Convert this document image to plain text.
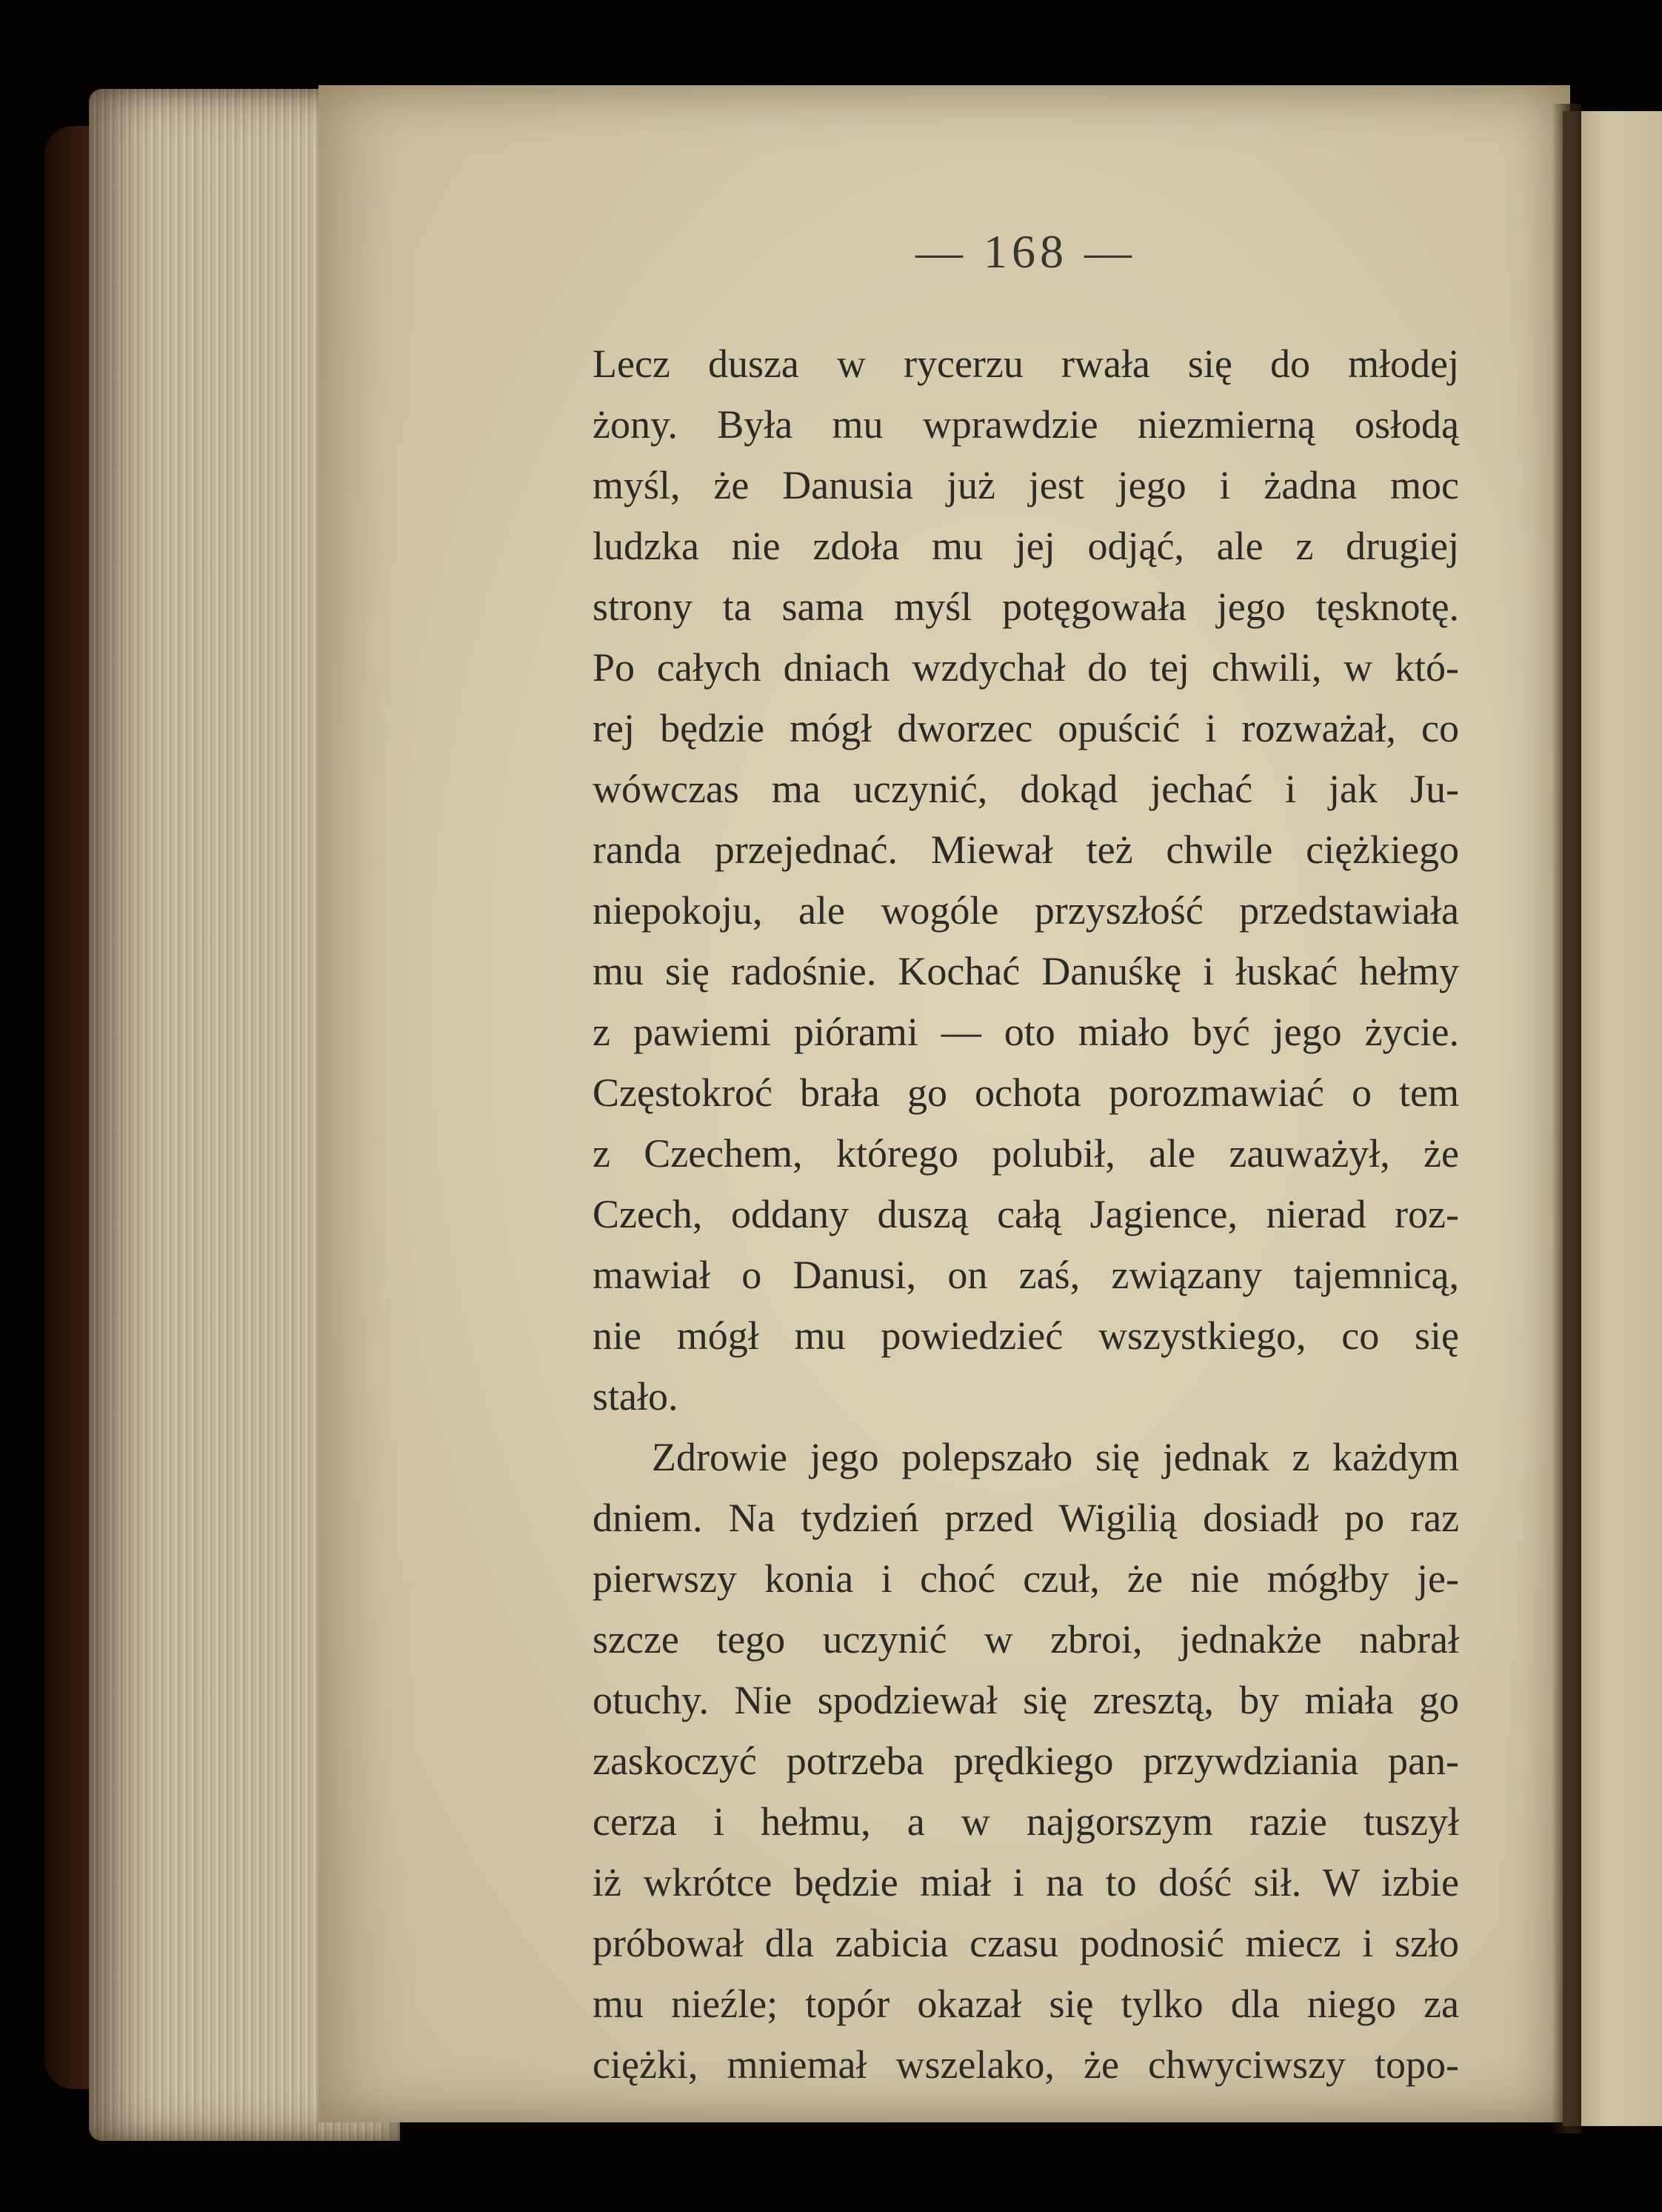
— 168 —
Lecz dusza w rycerzu rwała się do młodej
żony. Była mu wprawdzie niezmierną osłodą
myśl, że Danusia już jest jego i żadna moc
ludzka nie zdoła mu jej odjąć, ale z drugiej
strony ta sama myśl potęgowała jego tęsknotę.
Po całych dniach wzdychał do tej chwili, w któ-
rej będzie mógł dworzec opuścić i rozważał, co
wówczas ma uczynić, dokąd jechać i jak Ju-
randa przejednać. Miewał też chwile ciężkiego
niepokoju, ale wogóle przyszłość przedstawiała
mu się radośnie. Kochać Danuśkę i łuskać hełmy
z pawiemi piórami — oto miało być jego życie.
Częstokroć brała go ochota porozmawiać o tem
z Czechem, którego polubił, ale zauważył, że
Czech, oddany duszą całą Jagience, nierad roz-
mawiał o Danusi, on zaś, związany tajemnicą,
nie mógł mu powiedzieć wszystkiego, co się
stało.
Zdrowie jego polepszało się jednak z każdym
dniem. Na tydzień przed Wigilią dosiadł po raz
pierwszy konia i choć czuł, że nie mógłby je-
szcze tego uczynić w zbroi, jednakże nabrał
otuchy. Nie spodziewał się zresztą, by miała go
zaskoczyć potrzeba prędkiego przywdziania pan-
cerza i hełmu, a w najgorszym razie tuszył
iż wkrótce będzie miał i na to dość sił. W izbie
próbował dla zabicia czasu podnosić miecz i szło
mu nieźle; topór okazał się tylko dla niego za
ciężki, mniemał wszelako, że chwyciwszy topo-
